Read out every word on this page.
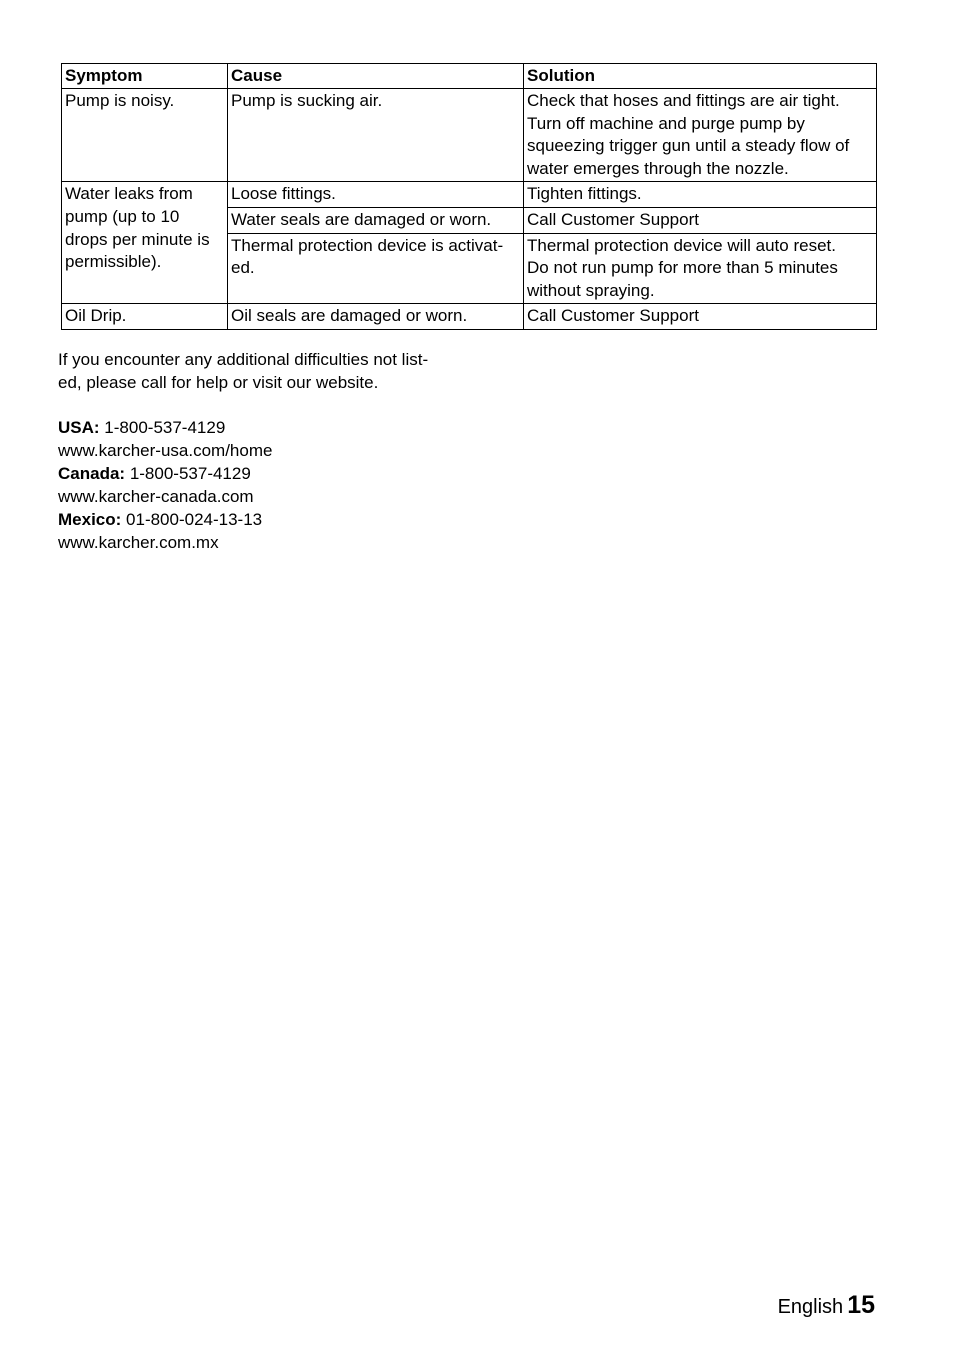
Symptom	Cause	Solution
Pump is noisy.	Pump is sucking air.	Check that hoses and fittings are air tight.
Turn off machine and purge pump by
squeezing trigger gun until a steady flow of
water emerges through the nozzle.

Water leaks from
pump (up to 10
drops per minute is
permissible).	Loose fittings.	Tighten fittings.

	Water seals are damaged or worn.	Call Customer Support

	Thermal protection device is activat-
ed.	Thermal protection device will auto reset.
Do not run pump for more than 5 minutes
without spraying.

Oil Drip.	Oil seals are damaged or worn.	Call Customer Support
If you encounter any additional difficulties not list-
ed, please call for help or visit our website.
USA: 1-800-537-4129
www.karcher-usa.com/home
Canada: 1-800-537-4129
www.karcher-canada.com
Mexico: 01-800-024-13-13
www.karcher.com.mx
English 15
